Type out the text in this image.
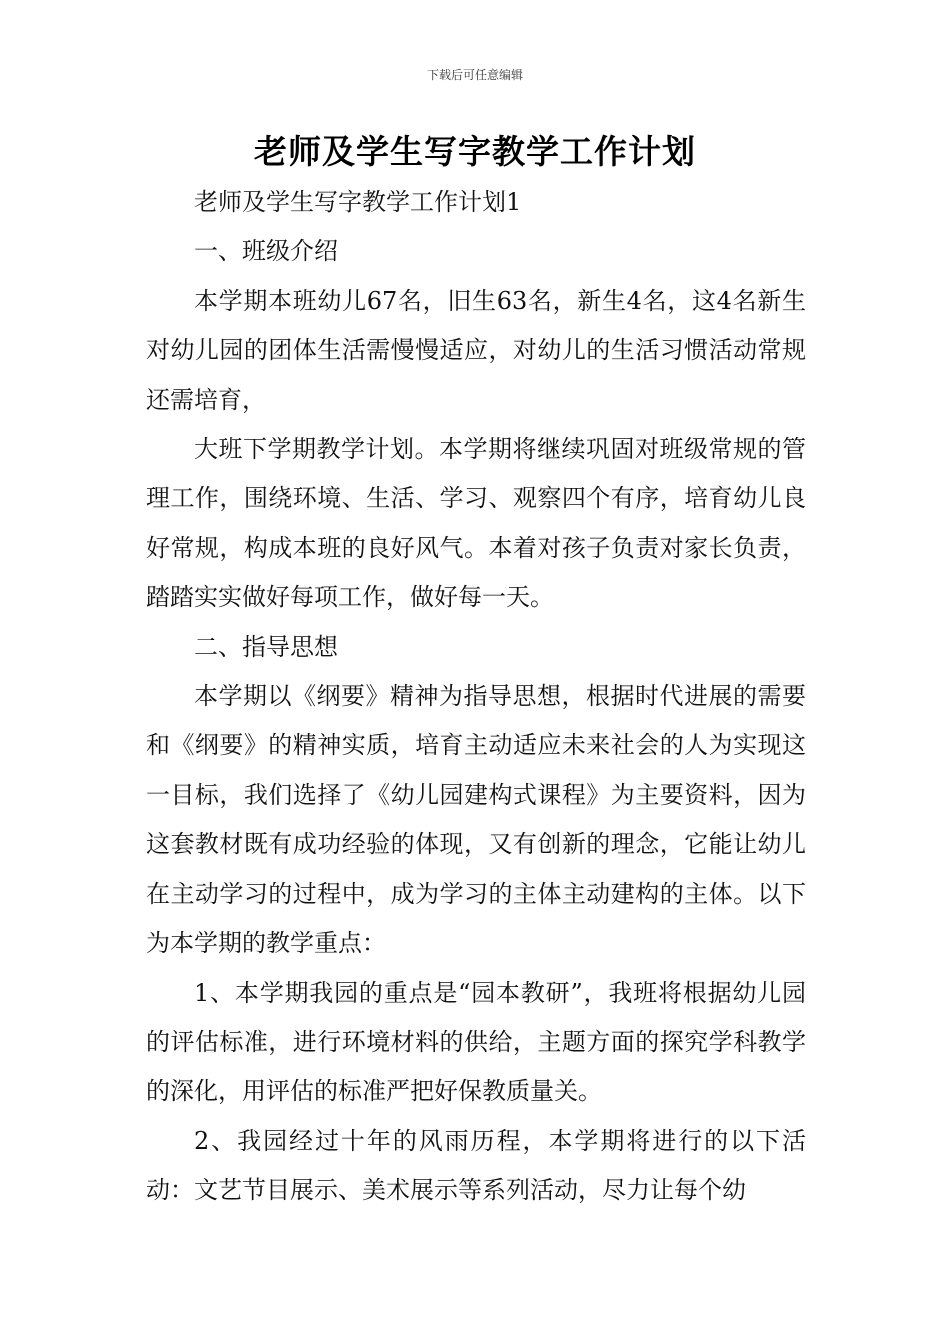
下载后可任意编辑
老师及学生写字教学工作计划

老师及学生写字教学工作计划1

一、班级介绍

本学期本班幼儿67名，旧生63名，新生4名，这4名新生对幼儿园的团体生活需慢慢适应，对幼儿的生活习惯活动常规还需培育，

大班下学期教学计划。本学期将继续巩固对班级常规的管理工作，围绕环境、生活、学习、观察四个有序，培育幼儿良好常规，构成本班的良好风气。本着对孩子负责对家长负责，踏踏实实做好每项工作，做好每一天。

二、指导思想

本学期以《纲要》精神为指导思想，根据时代进展的需要和《纲要》的精神实质，培育主动适应未来社会的人为实现这一目标，我们选择了《幼儿园建构式课程》为主要资料，因为这套教材既有成功经验的体现，又有创新的理念，它能让幼儿在主动学习的过程中，成为学习的主体主动建构的主体。以下为本学期的教学重点：

1、本学期我园的重点是“园本教研”，我班将根据幼儿园的评估标准，进行环境材料的供给，主题方面的探究学科教学的深化，用评估的标准严把好保教质量关。

2、我园经过十年的风雨历程，本学期将进行的以下活动：文艺节目展示、美术展示等系列活动，尽力让每个幼
